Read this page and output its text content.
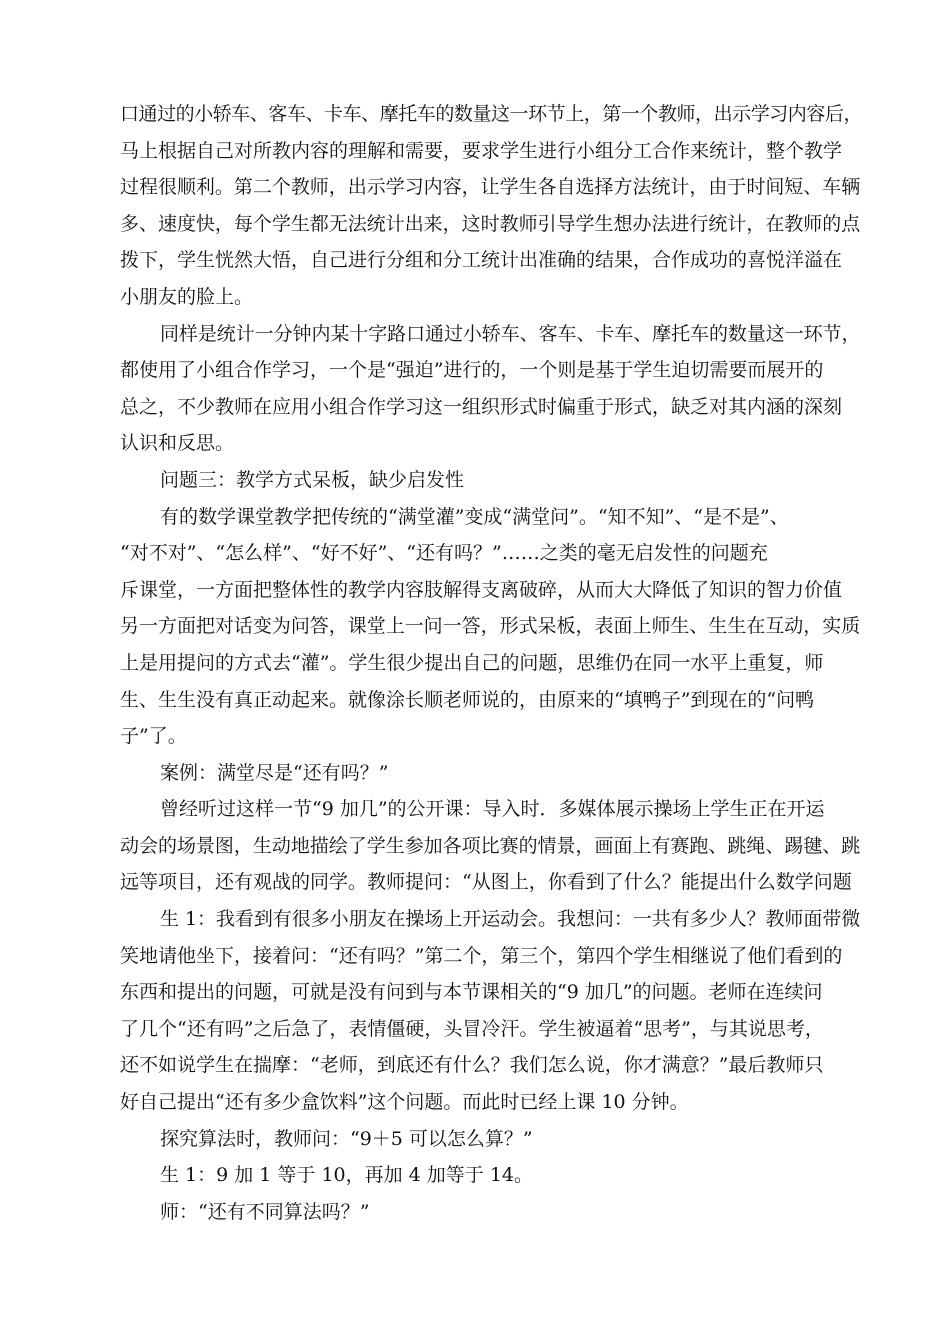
口通过的小轿车、客车、卡车、摩托车的数量这一环节上，第一个教师，出示学习内容后，
马上根据自己对所教内容的理解和需要，要求学生进行小组分工合作来统计，整个教学
过程很顺利。第二个教师，出示学习内容，让学生各自选择方法统计，由于时间短、车辆
多、速度快，每个学生都无法统计出来，这时教师引导学生想办法进行统计，在教师的点
拨下，学生恍然大悟，自己进行分组和分工统计出准确的结果，合作成功的喜悦洋溢在
小朋友的脸上。
同样是统计一分钟内某十字路口通过小轿车、客车、卡车、摩托车的数量这一环节，
都使用了小组合作学习，一个是“强迫”进行的，一个则是基于学生迫切需要而展开的
总之，不少教师在应用小组合作学习这一组织形式时偏重于形式，缺乏对其内涵的深刻
认识和反思。
问题三：教学方式呆板，缺少启发性
有的数学课堂教学把传统的“满堂灌”变成“满堂问”。“知不知”、“是不是”、
“对不对”、“怎么样”、“好不好”、“还有吗？”……之类的毫无启发性的问题充
斥课堂，一方面把整体性的教学内容肢解得支离破碎，从而大大降低了知识的智力价值
另一方面把对话变为问答，课堂上一问一答，形式呆板，表面上师生、生生在互动，实质
上是用提问的方式去“灌”。学生很少提出自己的问题，思维仍在同一水平上重复，师
生、生生没有真正动起来。就像涂长顺老师说的，由原来的“填鸭子”到现在的“问鸭
子”了。
案例：满堂尽是“还有吗？”
曾经听过这样一节“9 加几”的公开课：导入时．多媒体展示操场上学生正在开运
动会的场景图，生动地描绘了学生参加各项比赛的情景，画面上有赛跑、跳绳、踢毽、跳
远等项目，还有观战的同学。教师提问：“从图上，你看到了什么？能提出什么数学问题
生 1：我看到有很多小朋友在操场上开运动会。我想问：一共有多少人？教师面带微
笑地请他坐下，接着问：“还有吗？”第二个，第三个，第四个学生相继说了他们看到的
东西和提出的问题，可就是没有问到与本节课相关的“9 加几”的问题。老师在连续问
了几个“还有吗”之后急了，表情僵硬，头冒冷汗。学生被逼着“思考”，与其说思考，
还不如说学生在揣摩：“老师，到底还有什么？我们怎么说，你才满意？”最后教师只
好自己提出“还有多少盒饮料”这个问题。而此时已经上课 10 分钟。
探究算法时，教师问：“9＋5 可以怎么算？”
生 1：9 加 1 等于 10，再加 4 加等于 14。
师：“还有不同算法吗？”
